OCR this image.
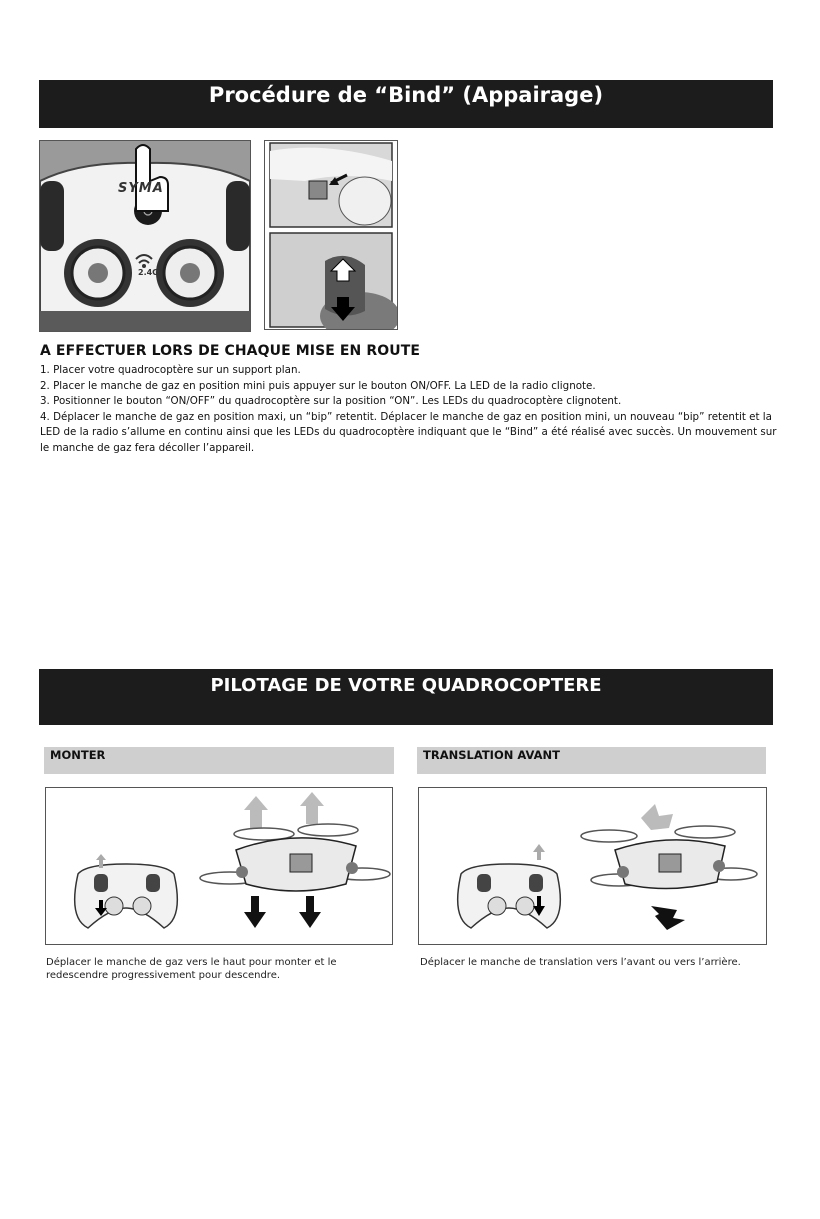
Procédure de “Bind” (Appairage)
SYMA
2.4G
A EFFECTUER LORS DE CHAQUE MISE EN ROUTE

1. Placer votre quadrocoptère sur un support plan.

2. Placer le manche de gaz en position mini puis appuyer sur le bouton ON/OFF. La LED de la radio clignote.

3. Positionner le bouton “ON/OFF” du quadrocoptère sur la position “ON”. Les LEDs du quadrocoptère clignotent.

4. Déplacer le manche de gaz en position maxi, un “bip” retentit. Déplacer le manche de gaz en position mini, un nouveau “bip” retentit et la LED de la radio s’allume en continu ainsi que les LEDs du quadrocoptère indiquant que le “Bind” a été réalisé avec succès. Un mouvement sur le manche de gaz fera décoller l’appareil.

PILOTAGE DE VOTRE QUADROCOPTERE
MONTER	TRANSLATION AVANT
Déplacer le manche de gaz vers le haut pour monter et le redescendre progressivement pour descendre.
Déplacer le manche de translation vers l’avant ou vers l’arrière.
